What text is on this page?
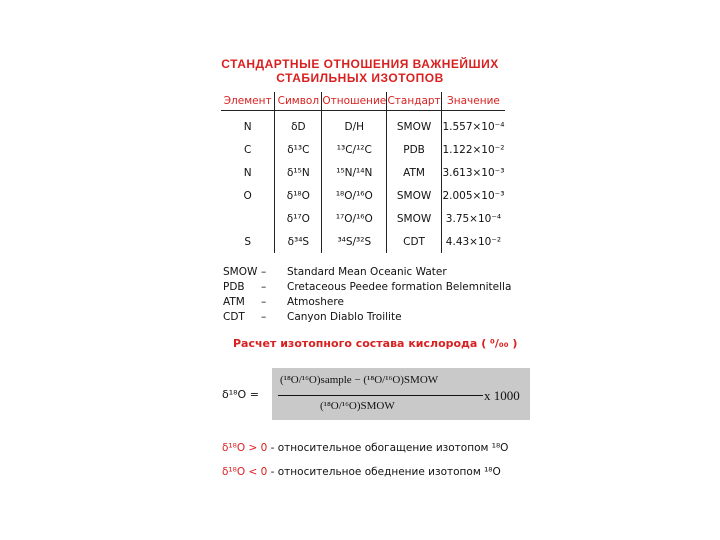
СТАНДАРТНЫЕ ОТНОШЕНИЯ ВАЖНЕЙШИХ
СТАБИЛЬНЫХ ИЗОТОПОВ
Элемент	Символ	Отношение	Стандарт	Значение
N	δD	D/H	SMOW	1.557×10⁻⁴
C	δ¹³C	¹³C/¹²C	PDB	1.122×10⁻²
N	δ¹⁵N	¹⁵N/¹⁴N	ATM	3.613×10⁻³
O	δ¹⁸O	¹⁸O/¹⁶O	SMOW	2.005×10⁻³
	δ¹⁷O	¹⁷O/¹⁶O	SMOW	3.75×10⁻⁴
S	δ³⁴S	³⁴S/³²S	CDT	4.43×10⁻²
SMOW –	Standard Mean Oceanic Water
PDB	–	Cretaceous Peedee formation Belemnitella
ATM	–	Atmoshere
CDT	–	Canyon Diablo Troilite
Расчет изотопного состава кислорода ( ⁰/₀₀ )
δ¹⁸O =
(¹⁸O/¹⁶O)sample − (¹⁸O/¹⁶O)SMOW
(¹⁸O/¹⁶O)SMOW
x 1000
δ¹⁸O > 0 - относительное обогащение изотопом ¹⁸O
δ¹⁸O < 0 - относительное обеднение изотопом ¹⁸O
